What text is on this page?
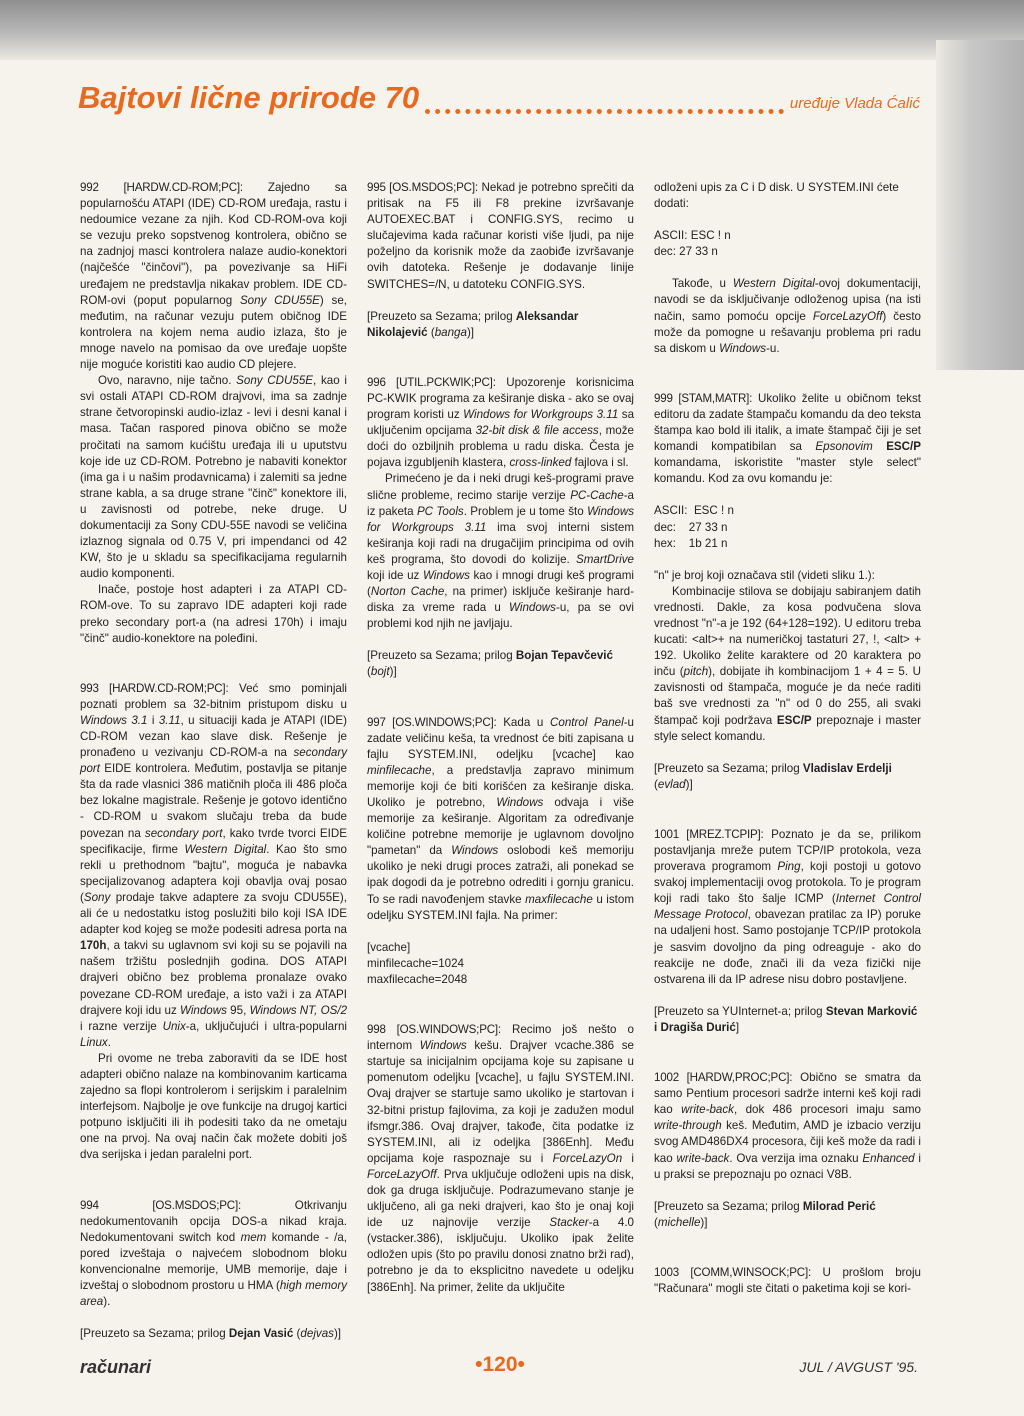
Bajtovi lične prirode 70	uređuje Vlada Ćalić

992 [HARDW.CD-ROM;PC]: Zajedno sa popularnošću ATAPI (IDE) CD-ROM uređaja, rastu i nedoumice vezane za njih. Kod CD-ROM-ova koji se vezuju preko sopstvenog kontrolera, obično se na zadnjoj masci kontrolera nalaze audio-konektori (najčešće "činčovi"), pa povezivanje sa HiFi uređajem ne predstavlja nikakav problem. IDE CD-ROM-ovi (poput popularnog Sony CDU55E) se, međutim, na računar vezuju putem običnog IDE kontrolera na kojem nema audio izlaza, što je mnoge navelo na pomisao da ove uređaje uopšte nije moguće koristiti kao audio CD plejere.

Ovo, naravno, nije tačno. Sony CDU55E, kao i svi ostali ATAPI CD-ROM drajvovi, ima sa zadnje strane četvoropinski audio-izlaz - levi i desni kanal i masa. Tačan raspored pinova obično se može pročitati na samom kućištu uređaja ili u uputstvu koje ide uz CD-ROM. Potrebno je nabaviti konektor (ima ga i u našim prodavnicama) i zalemiti sa jedne strane kabla, a sa druge strane "činč" konektore ili, u zavisnosti od potrebe, neke druge. U dokumentaciji za Sony CDU-55E navodi se veličina izlaznog signala od 0.75 V, pri impendanci od 42 KW, što je u skladu sa specifikacijama regularnih audio komponenti.

Inače, postoje host adapteri i za ATAPI CD-ROM-ove. To su zapravo IDE adapteri koji rade preko secondary port-a (na adresi 170h) i imaju "činč" audio-konektore na poleđini.

993 [HARDW.CD-ROM;PC]: Već smo pominjali poznati problem sa 32-bitnim pristupom disku u Windows 3.1 i 3.11, u situaciji kada je ATAPI (IDE) CD-ROM vezan kao slave disk. Rešenje je pronađeno u vezivanju CD-ROM-a na secondary port EIDE kontrolera. Međutim, postavlja se pitanje šta da rade vlasnici 386 matičnih ploča ili 486 ploča bez lokalne magistrale. Rešenje je gotovo identično - CD-ROM u svakom slučaju treba da bude povezan na secondary port, kako tvrde tvorci EIDE specifikacije, firme Western Digital. Kao što smo rekli u prethodnom "bajtu", moguća je nabavka specijalizovanog adaptera koji obavlja ovaj posao (Sony prodaje takve adaptere za svoju CDU55E), ali će u nedostatku istog poslužiti bilo koji ISA IDE adapter kod kojeg se može podesiti adresa porta na 170h, a takvi su uglavnom svi koji su se pojavili na našem tržištu poslednjih godina. DOS ATAPI drajveri obično bez problema pronalaze ovako povezane CD-ROM uređaje, a isto važi i za ATAPI drajvere koji idu uz Windows 95, Windows NT, OS/2 i razne verzije Unix-a, uključujući i ultra-popularni Linux.

Pri ovome ne treba zaboraviti da se IDE host adapteri obično nalaze na kombinovanim karticama zajedno sa flopi kontrolerom i serijskim i paralelnim interfejsom. Najbolje je ove funkcije na drugoj kartici potpuno isključiti ili ih podesiti tako da ne ometaju one na prvoj. Na ovaj način čak možete dobiti još dva serijska i jedan paralelni port.

994 [OS.MSDOS;PC]: Otkrivanju nedokumentovanih opcija DOS-a nikad kraja. Nedokumentovani switch kod mem komande - /a, pored izveštaja o najvećem slobodnom bloku konvencionalne memorije, UMB memorije, daje i izveštaj o slobodnom prostoru u HMA (high memory area).

[Preuzeto sa Sezama; prilog Dejan Vasić (dejvas)]

995 [OS.MSDOS;PC]: Nekad je potrebno sprečiti da pritisak na F5 ili F8 prekine izvršavanje AUTOEXEC.BAT i CONFIG.SYS, recimo u slučajevima kada računar koristi više ljudi, pa nije poželjno da korisnik može da zaobiđe izvršavanje ovih datoteka. Rešenje je dodavanje linije SWITCHES=/N, u datoteku CONFIG.SYS.

[Preuzeto sa Sezama; prilog Aleksandar Nikolajević (banga)]

996 [UTIL.PCKWIK;PC]: Upozorenje korisnicima PC-KWIK programa za keširanje diska - ako se ovaj program koristi uz Windows for Workgroups 3.11 sa uključenim opcijama 32-bit disk & file access, može doći do ozbiljnih problema u radu diska. Česta je pojava izgubljenih klastera, cross-linked fajlova i sl.

Primećeno je da i neki drugi keš-programi prave slične probleme, recimo starije verzije PC-Cache-a iz paketa PC Tools. Problem je u tome što Windows for Workgroups 3.11 ima svoj interni sistem keširanja koji radi na drugačijim principima od ovih keš programa, što dovodi do kolizije. SmartDrive koji ide uz Windows kao i mnogi drugi keš programi (Norton Cache, na primer) isključe keširanje hard-diska za vreme rada u Windows-u, pa se ovi problemi kod njih ne javljaju.

[Preuzeto sa Sezama; prilog Bojan Tepavčević (bojt)]

997 [OS.WINDOWS;PC]: Kada u Control Panel-u zadate veličinu keša, ta vrednost će biti zapisana u fajlu SYSTEM.INI, odeljku [vcache] kao minfilecache, a predstavlja zapravo minimum memorije koji će biti korišćen za keširanje diska. Ukoliko je potrebno, Windows odvaja i više memorije za keširanje. Algoritam za određivanje količine potrebne memorije je uglavnom dovoljno "pametan" da Windows oslobodi keš memoriju ukoliko je neki drugi proces zatraži, ali ponekad se ipak dogodi da je potrebno odrediti i gornju granicu. To se radi navođenjem stavke maxfilecache u istom odeljku SYSTEM.INI fajla. Na primer:

[vcache]

minfilecache=1024

maxfilecache=2048

998 [OS.WINDOWS;PC]: Recimo još nešto o internom Windows kešu. Drajver vcache.386 se startuje sa inicijalnim opcijama koje su zapisane u pomenutom odeljku [vcache], u fajlu SYSTEM.INI. Ovaj drajver se startuje samo ukoliko je startovan i 32-bitni pristup fajlovima, za koji je zadužen modul ifsmgr.386. Ovaj drajver, takođe, čita podatke iz SYSTEM.INI, ali iz odeljka [386Enh]. Među opcijama koje raspoznaje su i ForceLazyOn i ForceLazyOff. Prva uključuje odloženi upis na disk, dok ga druga isključuje. Podrazumevano stanje je uključeno, ali ga neki drajveri, kao što je onaj koji ide uz najnovije verzije Stacker-a 4.0 (vstacker.386), isključuju. Ukoliko ipak želite odložen upis (što po pravilu donosi znatno brži rad), potrebno je da to eksplicitno navedete u odeljku [386Enh]. Na primer, želite da uključite

odloženi upis za C i D disk. U SYSTEM.INI ćete dodati:

ASCII: ESC ! n

dec: 27 33 n

Takođe, u Western Digital-ovoj dokumentaciji, navodi se da isključivanje odloženog upisa (na isti način, samo pomoću opcije ForceLazyOff) često može da pomogne u rešavanju problema pri radu sa diskom u Windows-u.

999 [STAM,MATR]: Ukoliko želite u običnom tekst editoru da zadate štampaču komandu da deo teksta štampa kao bold ili italik, a imate štampač čiji je set komandi kompatibilan sa Epsonovim ESC/P komandama, iskoristite "master style select" komandu. Kod za ovu komandu je:

ASCII:  ESC ! n

dec:    27 33 n

hex:    1b 21 n

"n" je broj koji označava stil (videti sliku 1.):

Kombinacije stilova se dobijaju sabiranjem datih vrednosti. Dakle, za kosa podvučena slova vrednost "n"-a je 192 (64+128=192). U editoru treba kucati: <alt>+ na numeričkoj tastaturi 27, !, <alt> + 192. Ukoliko želite karaktere od 20 karaktera po inču (pitch), dobijate ih kombinacijom 1 + 4 = 5. U zavisnosti od štampača, moguće je da neće raditi baš sve vrednosti za "n" od 0 do 255, ali svaki štampač koji podržava ESC/P prepoznaje i master style select komandu.

[Preuzeto sa Sezama; prilog Vladislav Erdelji (evlad)]

1001 [MREZ.TCPIP]: Poznato je da se, prilikom postavljanja mreže putem TCP/IP protokola, veza proverava programom Ping, koji postoji u gotovo svakoj implementaciji ovog protokola. To je program koji radi tako što šalje ICMP (Internet Control Message Protocol, obavezan pratilac za IP) poruke na udaljeni host. Samo postojanje TCP/IP protokola je sasvim dovoljno da ping odreaguje - ako do reakcije ne dođe, znači ili da veza fizički nije ostvarena ili da IP adrese nisu dobro postavljene.

[Preuzeto sa YUInternet-a; prilog Stevan Marković i Dragiša Durić]

1002 [HARDW,PROC;PC]: Obično se smatra da samo Pentium procesori sadrže interni keš koji radi kao write-back, dok 486 procesori imaju samo write-through keš. Međutim, AMD je izbacio verziju svog AMD486DX4 procesora, čiji keš može da radi i kao write-back. Ova verzija ima oznaku Enhanced i u praksi se prepoznaju po oznaci V8B.

[Preuzeto sa Sezama; prilog Milorad Perić (michelle)]

1003 [COMM,WINSOCK;PC]: U prošlom broju "Računara" mogli ste čitati o paketima koji se kori-

računari	•120•	JUL / AVGUST '95.
